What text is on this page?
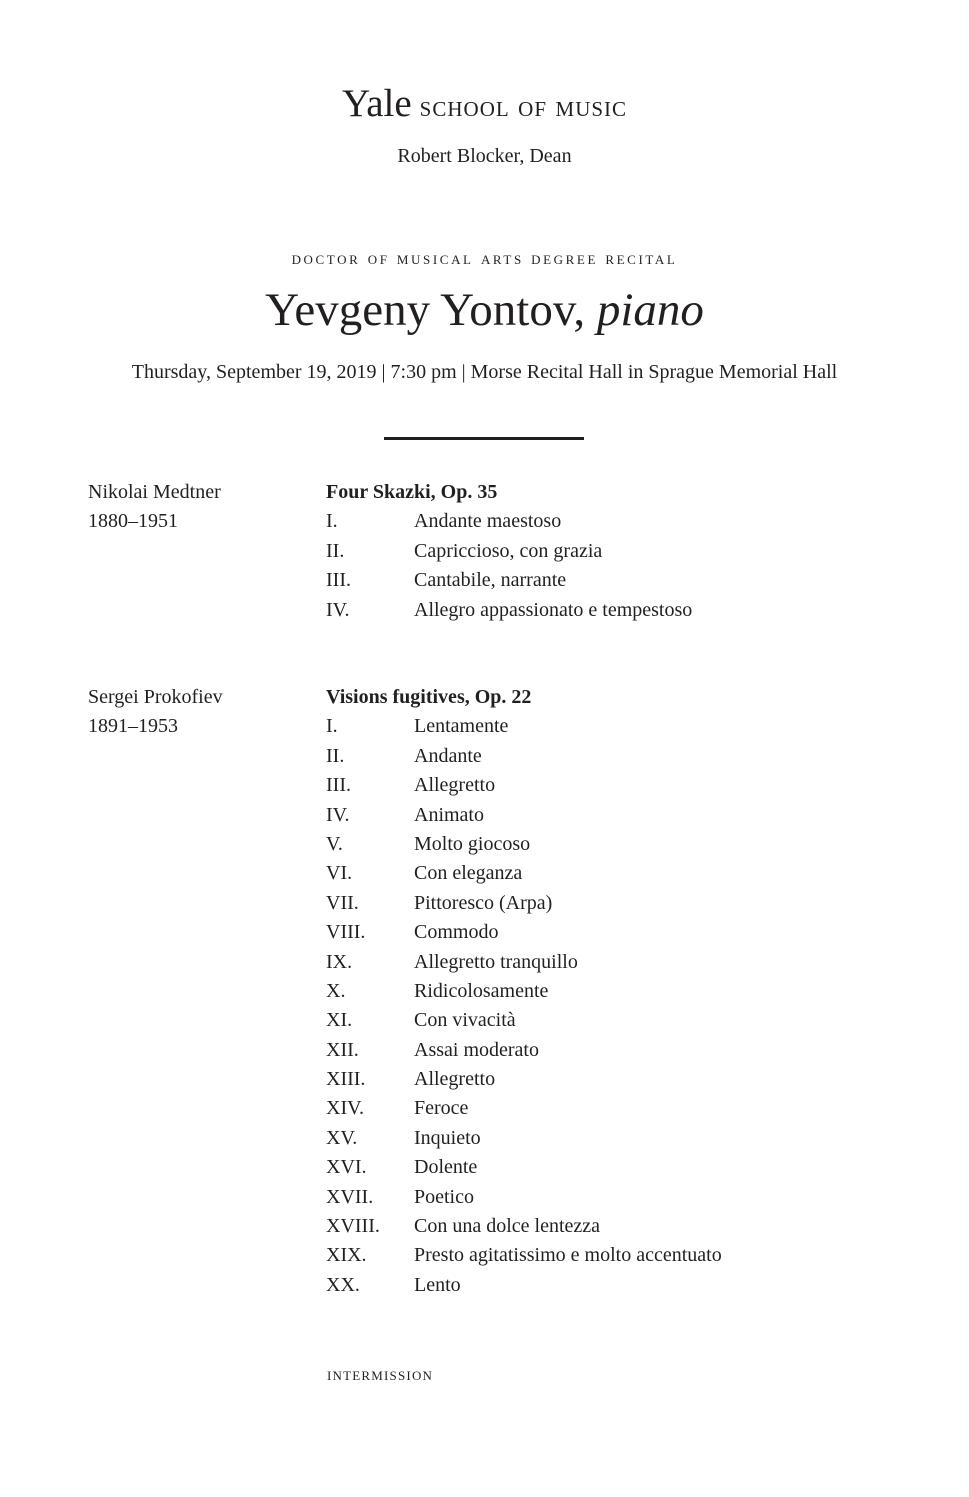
Yale school of music
Robert Blocker, Dean
doctor of musical arts degree recital
Yevgeny Yontov, piano
Thursday, September 19, 2019 | 7:30 pm | Morse Recital Hall in Sprague Memorial Hall
Nikolai Medtner
1880–1951
Four Skazki, Op. 35
I.	Andante maestoso
II.	Capriccioso, con grazia
III.	Cantabile, narrante
IV.	Allegro appassionato e tempestoso
Sergei Prokofiev
1891–1953
Visions fugitives, Op. 22
I.	Lentamente
II.	Andante
III.	Allegretto
IV.	Animato
V.	Molto giocoso
VI.	Con eleganza
VII.	Pittoresco (Arpa)
VIII. Commodo
IX.	Allegretto tranquillo
X.	Ridicolosamente
XI.	Con vivacità
XII.	Assai moderato
XIII. Allegretto
XIV.	Feroce
XV.	Inquieto
XVI. Dolente
XVII. Poetico
XVIII. Con una dolce lentezza
XIX. Presto agitatissimo e molto accentuato
XX.	Lento
intermission
